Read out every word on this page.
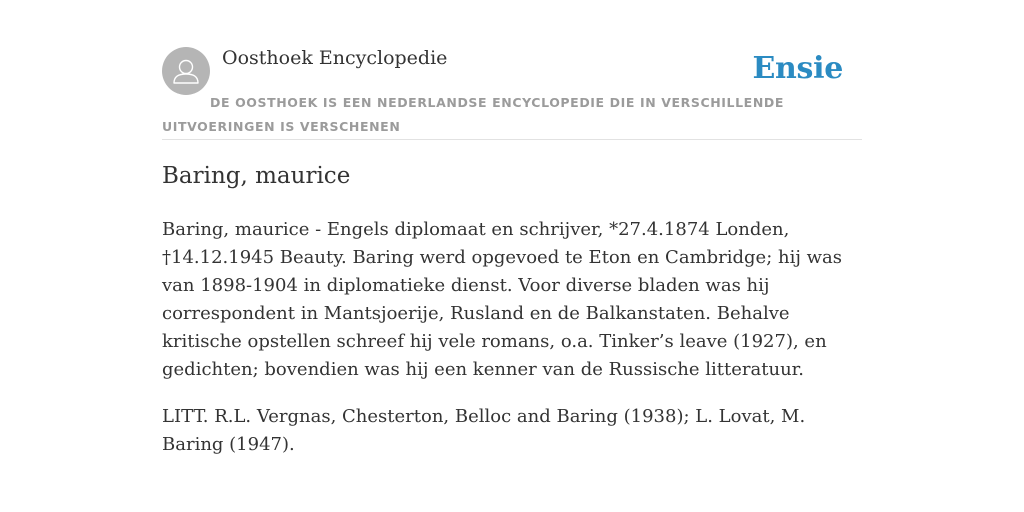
Oosthoek Encyclopedie	Ensie
DE OOSTHOEK IS EEN NEDERLANDSE ENCYCLOPEDIE DIE IN VERSCHILLENDE UITVOERINGEN IS VERSCHENEN
Baring, maurice

Baring, maurice - Engels diplomaat en schrijver, *27.4.1874 Londen, †14.12.1945 Beauty. Baring werd opgevoed te Eton en Cambridge; hij was van 1898-1904 in diplomatieke dienst. Voor diverse bladen was hij correspondent in Mantsjoerije, Rusland en de Balkanstaten. Behalve kritische opstellen schreef hij vele romans, o.a. Tinker’s leave (1927), en gedichten; bovendien was hij een kenner van de Russische litteratuur.

LITT. R.L. Vergnas, Chesterton, Belloc and Baring (1938); L. Lovat, M. Baring (1947).
